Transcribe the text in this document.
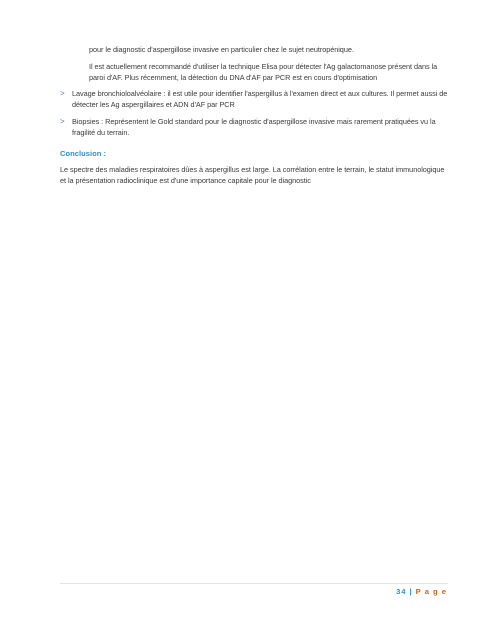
pour le diagnostic d'aspergillose invasive en particulier chez le sujet neutropénique.
Il est actuellement recommandé d'utiliser la technique Elisa pour détecter l'Ag galactomanose présent dans la paroi d'AF. Plus récemment, la détection du DNA d'AF par PCR est en cours d'optimisation
>	Lavage bronchioloalvéolaire : il est utile pour identifier l'aspergillus à l'examen direct et aux cultures. Il permet aussi de détecter les Ag aspergillaires et ADN d'AF par PCR
>	Biopsies : Représentent le Gold standard pour le diagnostic d'aspergillose invasive mais rarement pratiquées vu la fragilité du terrain.
Conclusion :
Le spectre des maladies respiratoires dûes à aspergillus est large. La corrélation entre le terrain, le statut immunologique et la présentation radioclinique est d'une importance capitale pour le diagnostic
34 | P a g e
